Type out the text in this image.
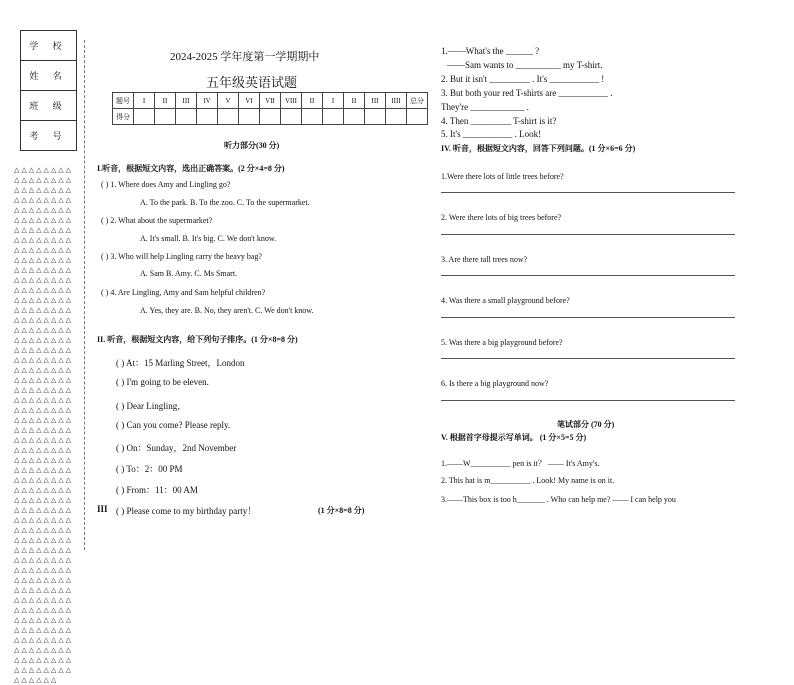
学 校
姓 名
班 级
考 号
△△△△△△△△△△△△△△△△△△△△△△△△△△△△△△△△△△△△△△△△△△△△△△△△△△△△△△△△△△△△△△△△△△△△△△△△△△△△△△△△△△△△△△△△△△△△△△△△△△△△△△△△△△△△△△△△△△△△△△△△△△△△△△△△△△△△△△△△△△△△△△△△△△△△△△△△△△△△△△△△△△△△△△△△△△△△△△△△△△△△△△△△△△△△△△△△△△△△△△△△△△△△△△△△△△△△△△△△△△△△△△△△△△△△△△△△△△△△△△△△△△△△△△△△△△△△△△△△△△△△△△△△△△△△△△△△△△△△△△△△△△△△△△△△△△△△△△△△△△△△△△△△△△△△△△△△△△△△△△△△△△△△△△△△△△△△△△△△△△△△△△△△△△△△△△△△△△△△△△△△△△△△△△△△△△△△△△△△△△△△△△△△△△△△△△△△△△△△△△△△△△△△△△△△△△△△△△
2024-2025 学年度第一学期期中
五年级英语试题
题号	I	II	III	IV	V	VI	VII	VIII	II	I	II	III	IIII	总分
得分														
听力部分(30 分)
I.听音，根据短文内容，选出正确答案。(2 分×4=8 分)
( ) 1. Where does Amy and Lingling go?
A. To the park. B. To the zoo. C. To the supermarket.
( ) 2. What about the supermarket?
A. It's small. B. It's big. C. We don't know.
( ) 3. Who will help Lingling carry the heavy bag?
A. Sam B. Amy. C. Ms Smart.
( ) 4. Are Lingling, Amy and Sam helpful children?
A. Yes, they are. B. No, they aren't. C. We don't know.
II. 听音，根据短文内容，给下列句子排序。(1 分×8=8 分)
( ) At：15 Marling Street，London
( ) I'm going to be eleven.
( ) Dear Lingling，
( ) Can you come? Please reply.
( ) On：Sunday，2nd November
( ) To：2：00 PM
( ) From：11：00 AM
III ( ) Please come to my birthday party！	(1 分×8=8 分)
1.——What's the ______ ?
——Sam wants to __________ my T-shirt.
2. But it isn't _________ . It's ___________ !
3. But both your red T-shirts are ___________ .
They're ____________ .
4. Then _________ T-shirt is it?
5. It's ___________ . Look!
IV. 听音，根据短文内容，回答下列问题。(1 分×6=6 分)
1.Were there lots of little trees before?
2. Were there lots of big trees before?
3. Are there tall trees now?
4. Was there a small playground before?
5. Was there a big playground before?
6. Is there a big playground now?
笔试部分 (70 分)
V. 根据首字母提示写单词。 (1 分×5=5 分)
1.——W__________ pen is it？ —— It's Amy's.
2. This hat is m__________ . Look! My name is on it.
3.——This box is too h_______ . Who can help me? —— I can help you
